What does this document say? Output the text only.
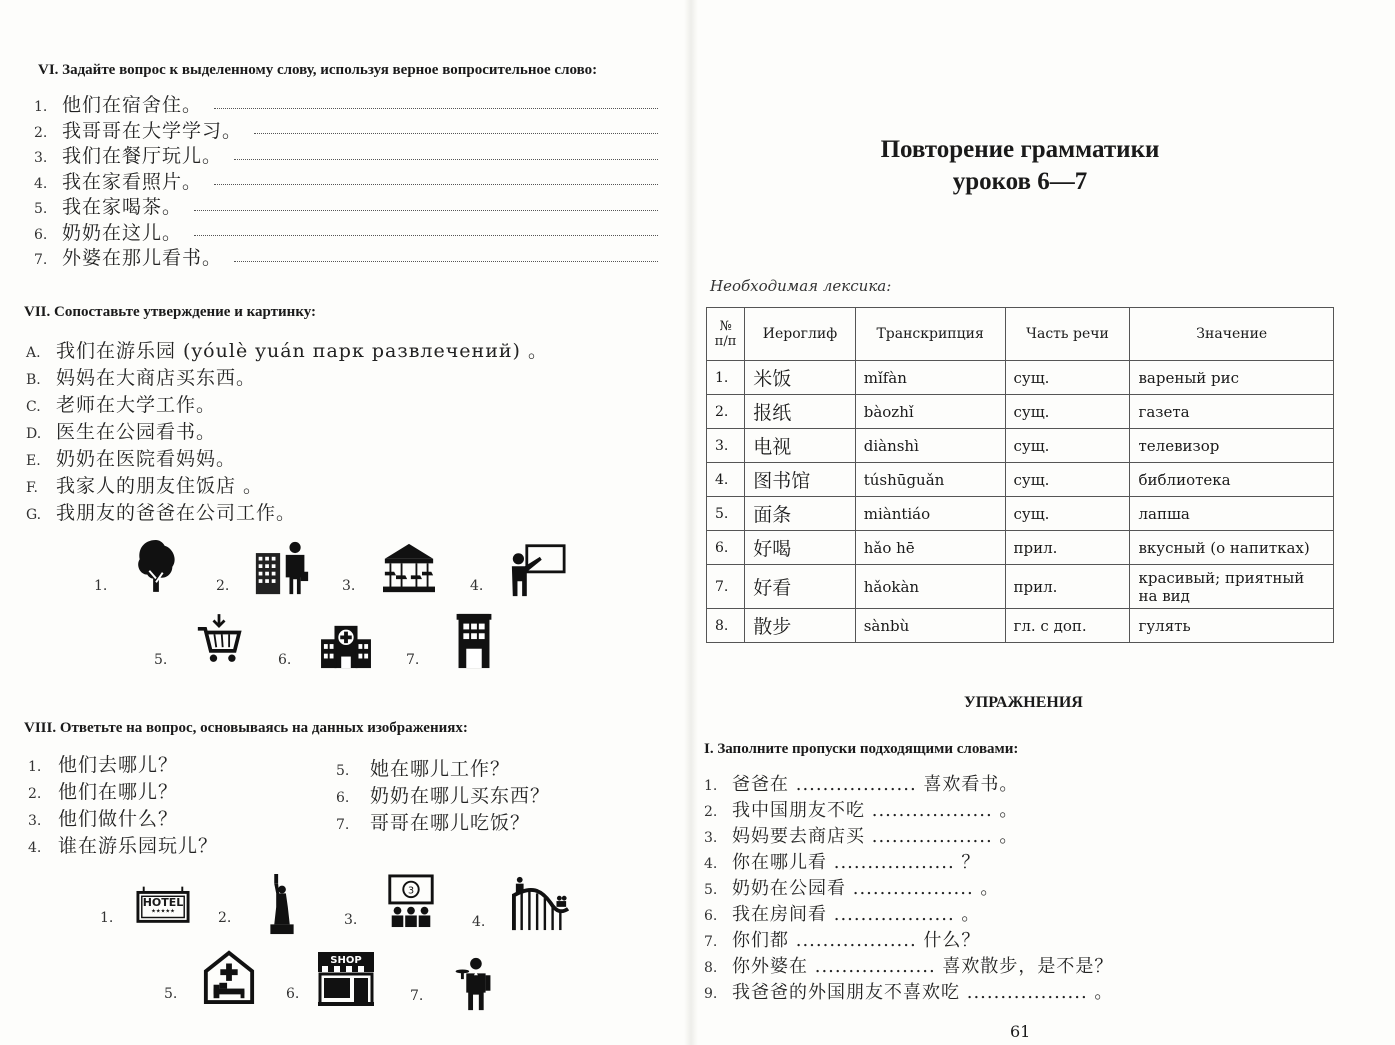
VI. Задайте вопрос к выделенному слову, используя верное вопросительное слово:
1. 他们在宿舍住。
2. 我哥哥在大学学习。
3. 我们在餐厅玩儿。
4. 我在家看照片。
5. 我在家喝茶。
6. 奶奶在这儿。
7. 外婆在那儿看书。
VII. Сопоставьте утверждение и картинку:
A. 我们在游乐园 (yóulè yuán парк развлечений) 。
B. 妈妈在大商店买东西。
C. 老师在大学工作。
D. 医生在公园看书。
E. 奶奶在医院看妈妈。
F. 我家人的朋友住饭店 。
G. 我朋友的爸爸在公司工作。
1.	2.	3.	4.
5.	6.	7.
VIII. Ответьте на вопрос, основываясь на данных изображениях:
1. 他们去哪儿？
2. 他们在哪儿？
3. 他们做什么？
4. 谁在游乐园玩儿？
5. 她在哪儿工作？
6. 奶奶在哪儿买东西？
7. 哥哥在哪儿吃饭？
1.
HOTEL
2.	3.	4.
5.	6.	7.
Повторение грамматики
уроков 6—7
Необходимая лексика:
№ п/п	Иероглиф	Транскрипция	Часть речи	Значение
1.	米饭	mǐfàn	сущ.	вареный рис
2.	报纸	bàozhǐ	сущ.	газета
3.	电视	diànshì	сущ.	телевизор
4.	图书馆	túshūguǎn	сущ.	библиотека
5.	面条	miàntiáo	сущ.	лапша
6.	好喝	hǎo hē	прил.	вкусный (о напитках)
7.	好看	hǎokàn	прил.	красивый; приятный на вид
8.	散步	sànbù	гл. с доп.	гулять
УПРАЖНЕНИЯ
I. Заполните пропуски подходящими словами:
1. 爸爸在 .................. 喜欢看书。
2. 我中国朋友不吃 .................. 。
3. 妈妈要去商店买 .................. 。
4. 你在哪儿看 .................. ？
5. 奶奶在公园看 .................. 。
6. 我在房间看 .................. 。
7. 你们都 .................. 什么？
8. 你外婆在 .................. 喜欢散步，是不是？
9. 我爸爸的外国朋友不喜欢吃 .................. 。
61
